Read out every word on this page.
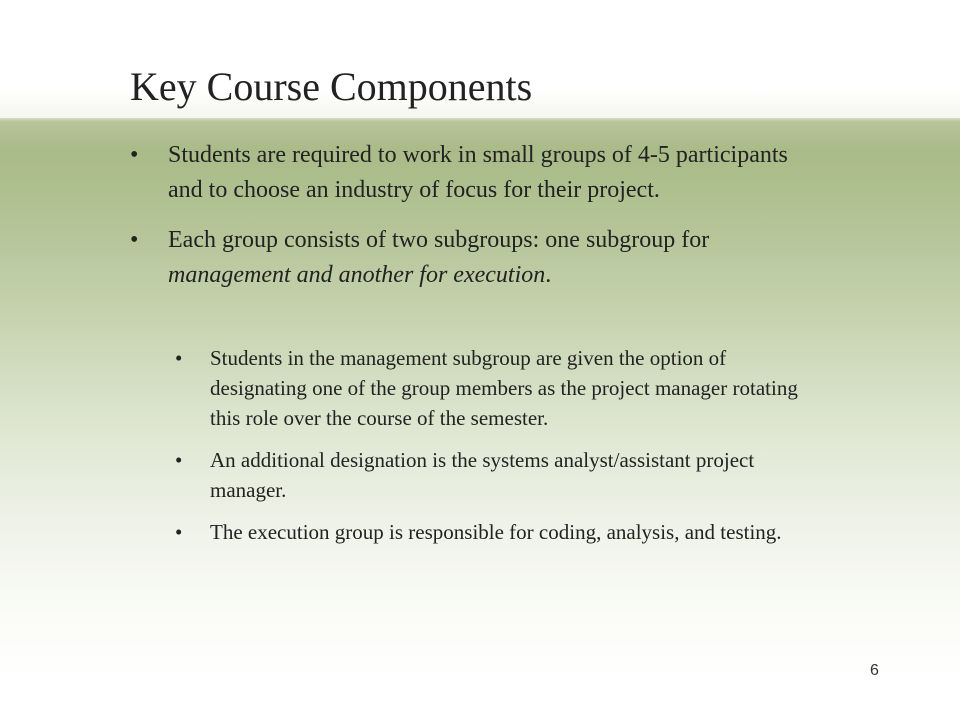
Key Course Components
• Students are required to work in small groups of 4-5 participants and to choose an industry of focus for their project.
• Each group consists of two subgroups: one subgroup for management and another for execution.
• Students in the management subgroup are given the option of designating one of the group members as the project manager rotating this role over the course of the semester.
• An additional designation is the systems analyst/assistant project manager.
• The execution group is responsible for coding, analysis, and testing.
6
